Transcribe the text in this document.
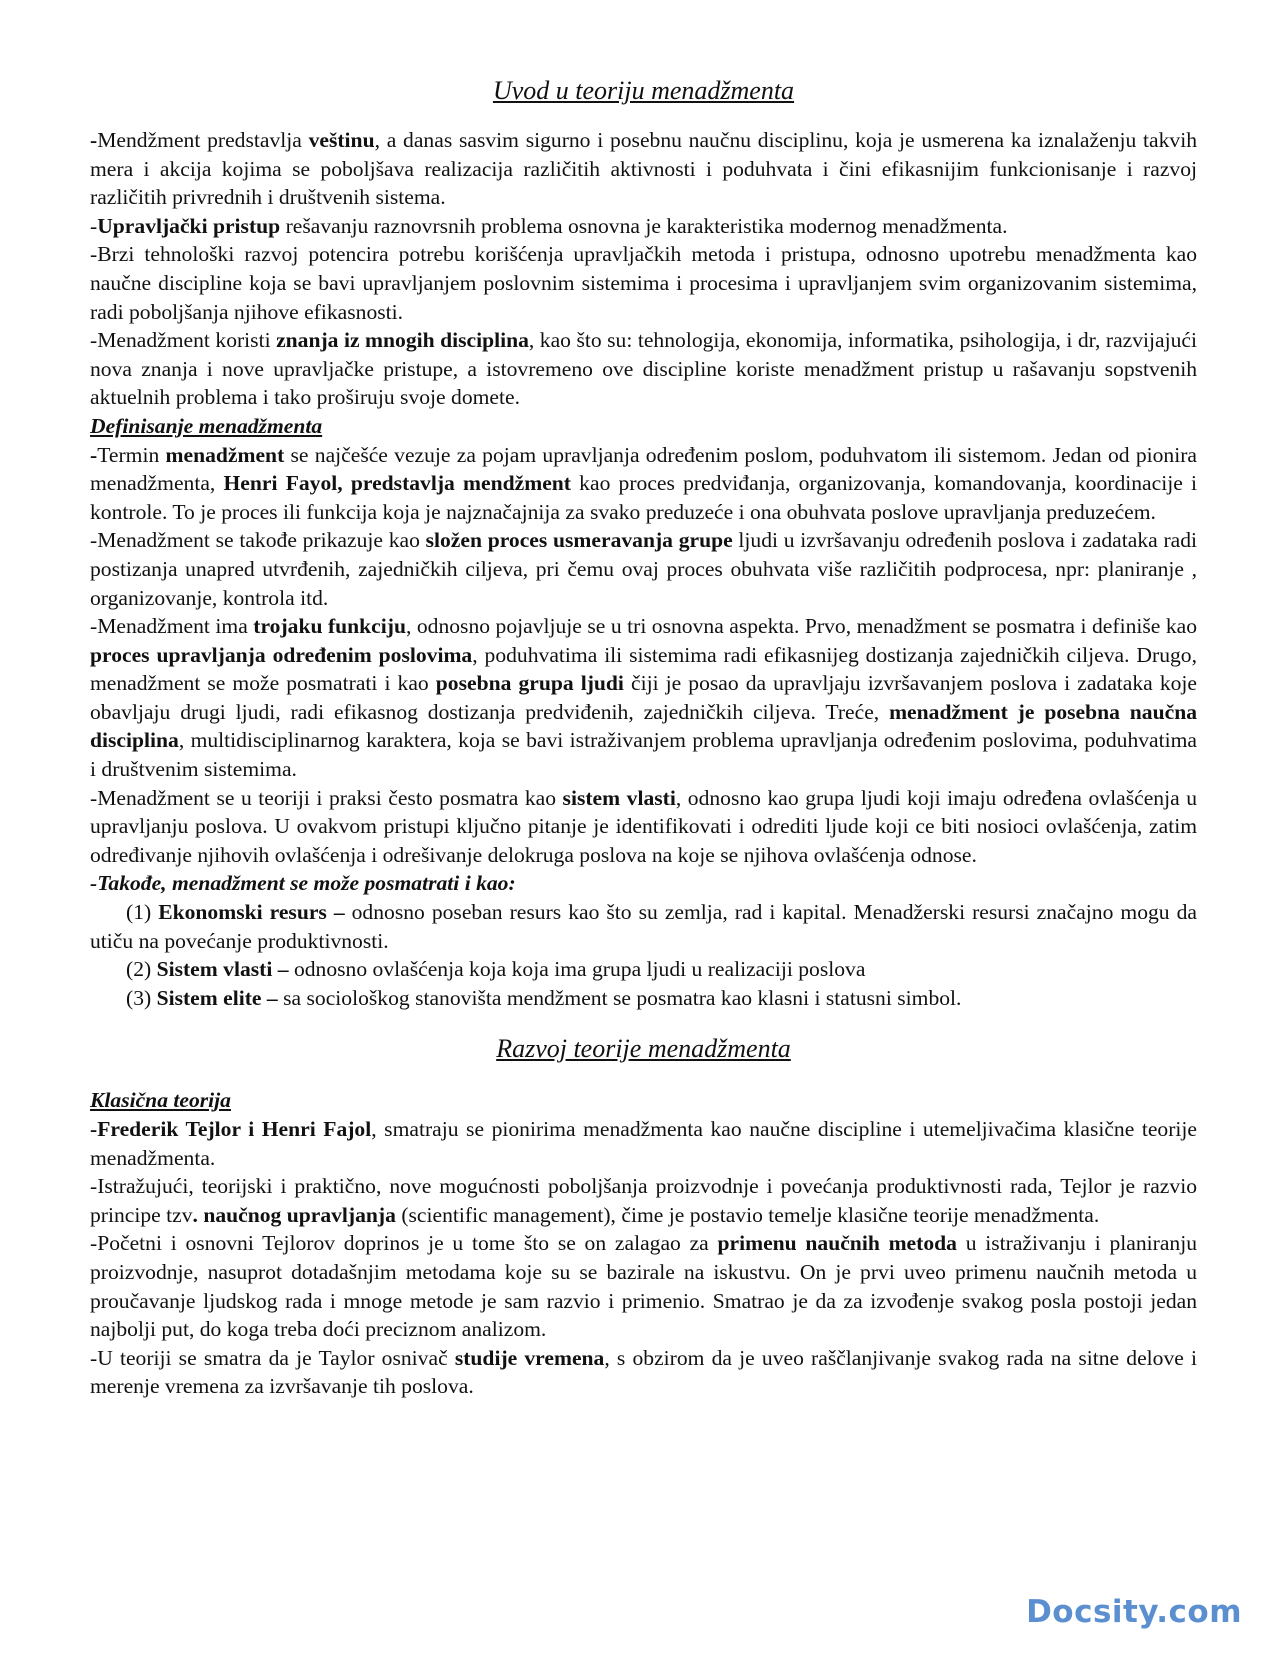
Uvod u teoriju menadžmenta

-Mendžment predstavlja veštinu, a danas sasvim sigurno i posebnu naučnu disciplinu, koja je usmerena ka iznalaženju takvih mera i akcija kojima se poboljšava realizacija različitih aktivnosti i poduhvata i čini efikasnijim funkcionisanje i razvoj različitih privrednih i društvenih sistema.

-Upravljački pristup rešavanju raznovrsnih problema osnovna je karakteristika modernog menadžmenta.

-Brzi tehnološki razvoj potencira potrebu korišćenja upravljačkih metoda i pristupa, odnosno upotrebu menadžmenta kao naučne discipline koja se bavi upravljanjem poslovnim sistemima i procesima i upravljanjem svim organizovanim sistemima, radi poboljšanja njihove efikasnosti.

-Menadžment koristi znanja iz mnogih disciplina, kao što su: tehnologija, ekonomija, informatika, psihologija, i dr, razvijajući nova znanja i nove upravljačke pristupe, a istovremeno ove discipline koriste menadžment pristup u rašavanju sopstvenih aktuelnih problema i tako proširuju svoje domete.

Definisanje menadžmenta

-Termin menadžment se najčešće vezuje za pojam upravljanja određenim poslom, poduhvatom ili sistemom. Jedan od pionira menadžmenta, Henri Fayol, predstavlja mendžment kao proces predviđanja, organizovanja, komandovanja, koordinacije i kontrole. To je proces ili funkcija koja je najznačajnija za svako preduzeće i ona obuhvata poslove upravljanja preduzećem.

-Menadžment se takođe prikazuje kao složen proces usmeravanja grupe ljudi u izvršavanju određenih poslova i zadataka radi postizanja unapred utvrđenih, zajedničkih ciljeva, pri čemu ovaj proces obuhvata više različitih podprocesa, npr: planiranje , organizovanje, kontrola itd.

-Menadžment ima trojaku funkciju, odnosno pojavljuje se u tri osnovna aspekta. Prvo, menadžment se posmatra i definiše kao proces upravljanja određenim poslovima, poduhvatima ili sistemima radi efikasnijeg dostizanja zajedničkih ciljeva. Drugo, menadžment se može posmatrati i kao posebna grupa ljudi čiji je posao da upravljaju izvršavanjem poslova i zadataka koje obavljaju drugi ljudi, radi efikasnog dostizanja predviđenih, zajedničkih ciljeva. Treće, menadžment je posebna naučna disciplina, multidisciplinarnog karaktera, koja se bavi istraživanjem problema upravljanja određenim poslovima, poduhvatima i društvenim sistemima.

-Menadžment se u teoriji i praksi često posmatra kao sistem vlasti, odnosno kao grupa ljudi koji imaju određena ovlašćenja u upravljanju poslova. U ovakvom pristupi ključno pitanje je identifikovati i odrediti ljude koji ce biti nosioci ovlašćenja, zatim određivanje njihovih ovlašćenja i odrešivanje delokruga poslova na koje se njihova ovlašćenja odnose.

-Takođe, menadžment se može posmatrati i kao:

(1) Ekonomski resurs – odnosno poseban resurs kao što su zemlja, rad i kapital. Menadžerski resursi značajno mogu da utiču na povećanje produktivnosti.

(2) Sistem vlasti – odnosno ovlašćenja koja koja ima grupa ljudi u realizaciji poslova

(3) Sistem elite – sa sociološkog stanovišta mendžment se posmatra kao klasni i statusni simbol.

Razvoj teorije menadžmenta
Klasična teorija

-Frederik Tejlor i Henri Fajol, smatraju se pionirima menadžmenta kao naučne discipline i utemeljivačima klasične teorije menadžmenta.

-Istražujući, teorijski i praktično, nove mogućnosti poboljšanja proizvodnje i povećanja produktivnosti rada, Tejlor je razvio principe tzv. naučnog upravljanja (scientific management), čime je postavio temelje klasične teorije menadžmenta.

-Početni i osnovni Tejlorov doprinos je u tome što se on zalagao za primenu naučnih metoda u istraživanju i planiranju proizvodnje, nasuprot dotadašnjim metodama koje su se bazirale na iskustvu. On je prvi uveo primenu naučnih metoda u proučavanje ljudskog rada i mnoge metode je sam razvio i primenio. Smatrao je da za izvođenje svakog posla postoji jedan najbolji put, do koga treba doći preciznom analizom.

-U teoriji se smatra da je Taylor osnivač studije vremena, s obzirom da je uveo raščlanjivanje svakog rada na sitne delove i merenje vremena za izvršavanje tih poslova.

Docsity.com
